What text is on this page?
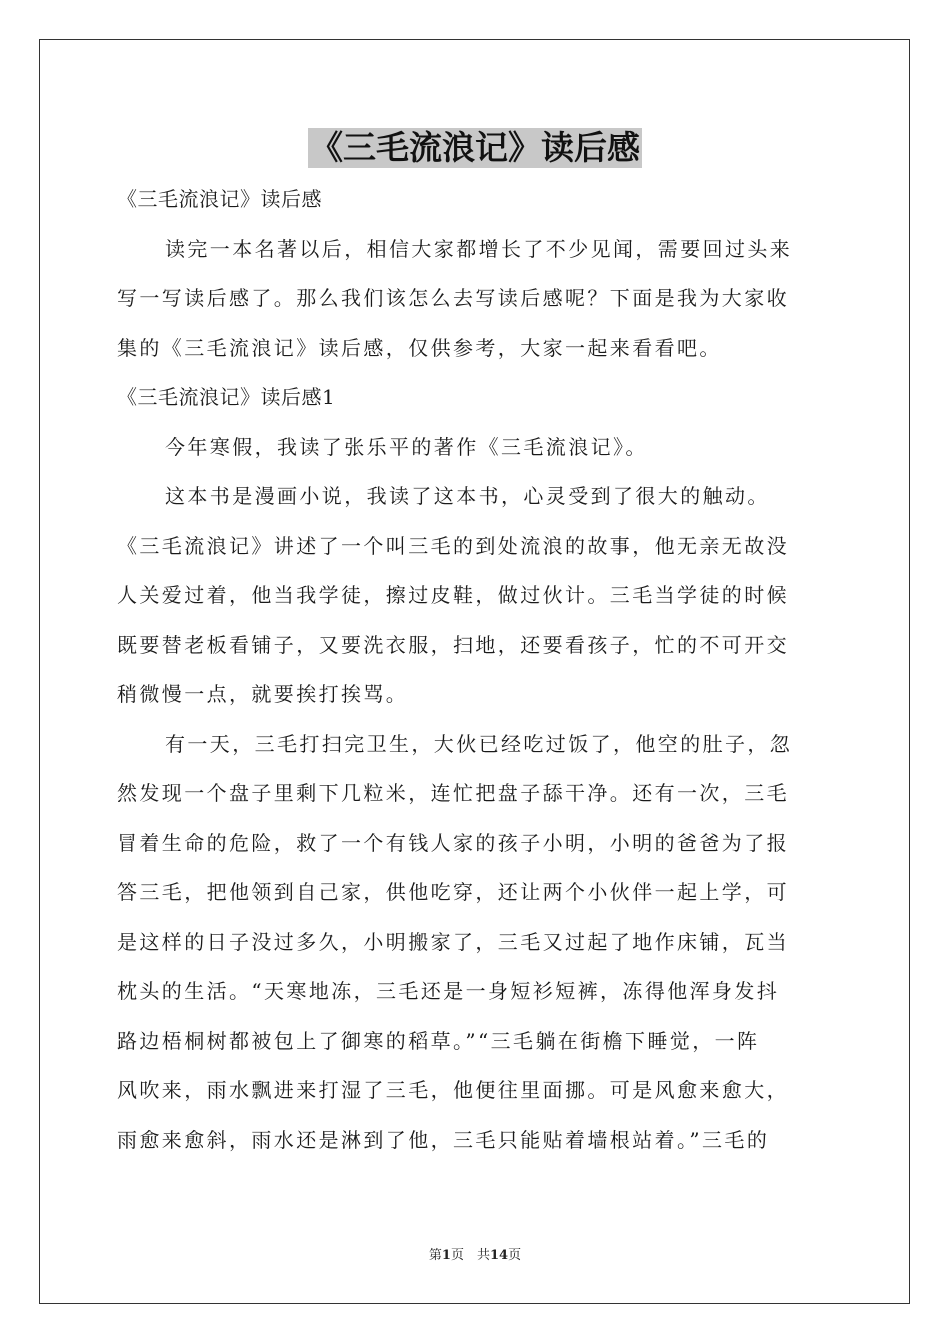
《三毛流浪记》读后感
《三毛流浪记》读后感
读完一本名著以后，相信大家都增长了不少见闻，需要回过头来
写一写读后感了。那么我们该怎么去写读后感呢？下面是我为大家收
集的《三毛流浪记》读后感，仅供参考，大家一起来看看吧。
《三毛流浪记》读后感1
今年寒假，我读了张乐平的著作《三毛流浪记》。
这本书是漫画小说，我读了这本书，心灵受到了很大的触动。
《三毛流浪记》讲述了一个叫三毛的到处流浪的故事，他无亲无故没
人关爱过着，他当我学徒，擦过皮鞋，做过伙计。三毛当学徒的时候
既要替老板看铺子，又要洗衣服，扫地，还要看孩子，忙的不可开交
稍微慢一点，就要挨打挨骂。
有一天，三毛打扫完卫生，大伙已经吃过饭了，他空的肚子，忽
然发现一个盘子里剩下几粒米，连忙把盘子舔干净。还有一次，三毛
冒着生命的危险，救了一个有钱人家的孩子小明，小明的爸爸为了报
答三毛，把他领到自己家，供他吃穿，还让两个小伙伴一起上学，可
是这样的日子没过多久，小明搬家了，三毛又过起了地作床铺，瓦当
枕头的生活。“天寒地冻，三毛还是一身短衫短裤，冻得他浑身发抖
路边梧桐树都被包上了御寒的稻草。”“三毛躺在街檐下睡觉，一阵
风吹来，雨水飘进来打湿了三毛，他便往里面挪。可是风愈来愈大，
雨愈来愈斜，雨水还是淋到了他，三毛只能贴着墙根站着。”三毛的
第1页　共14页
